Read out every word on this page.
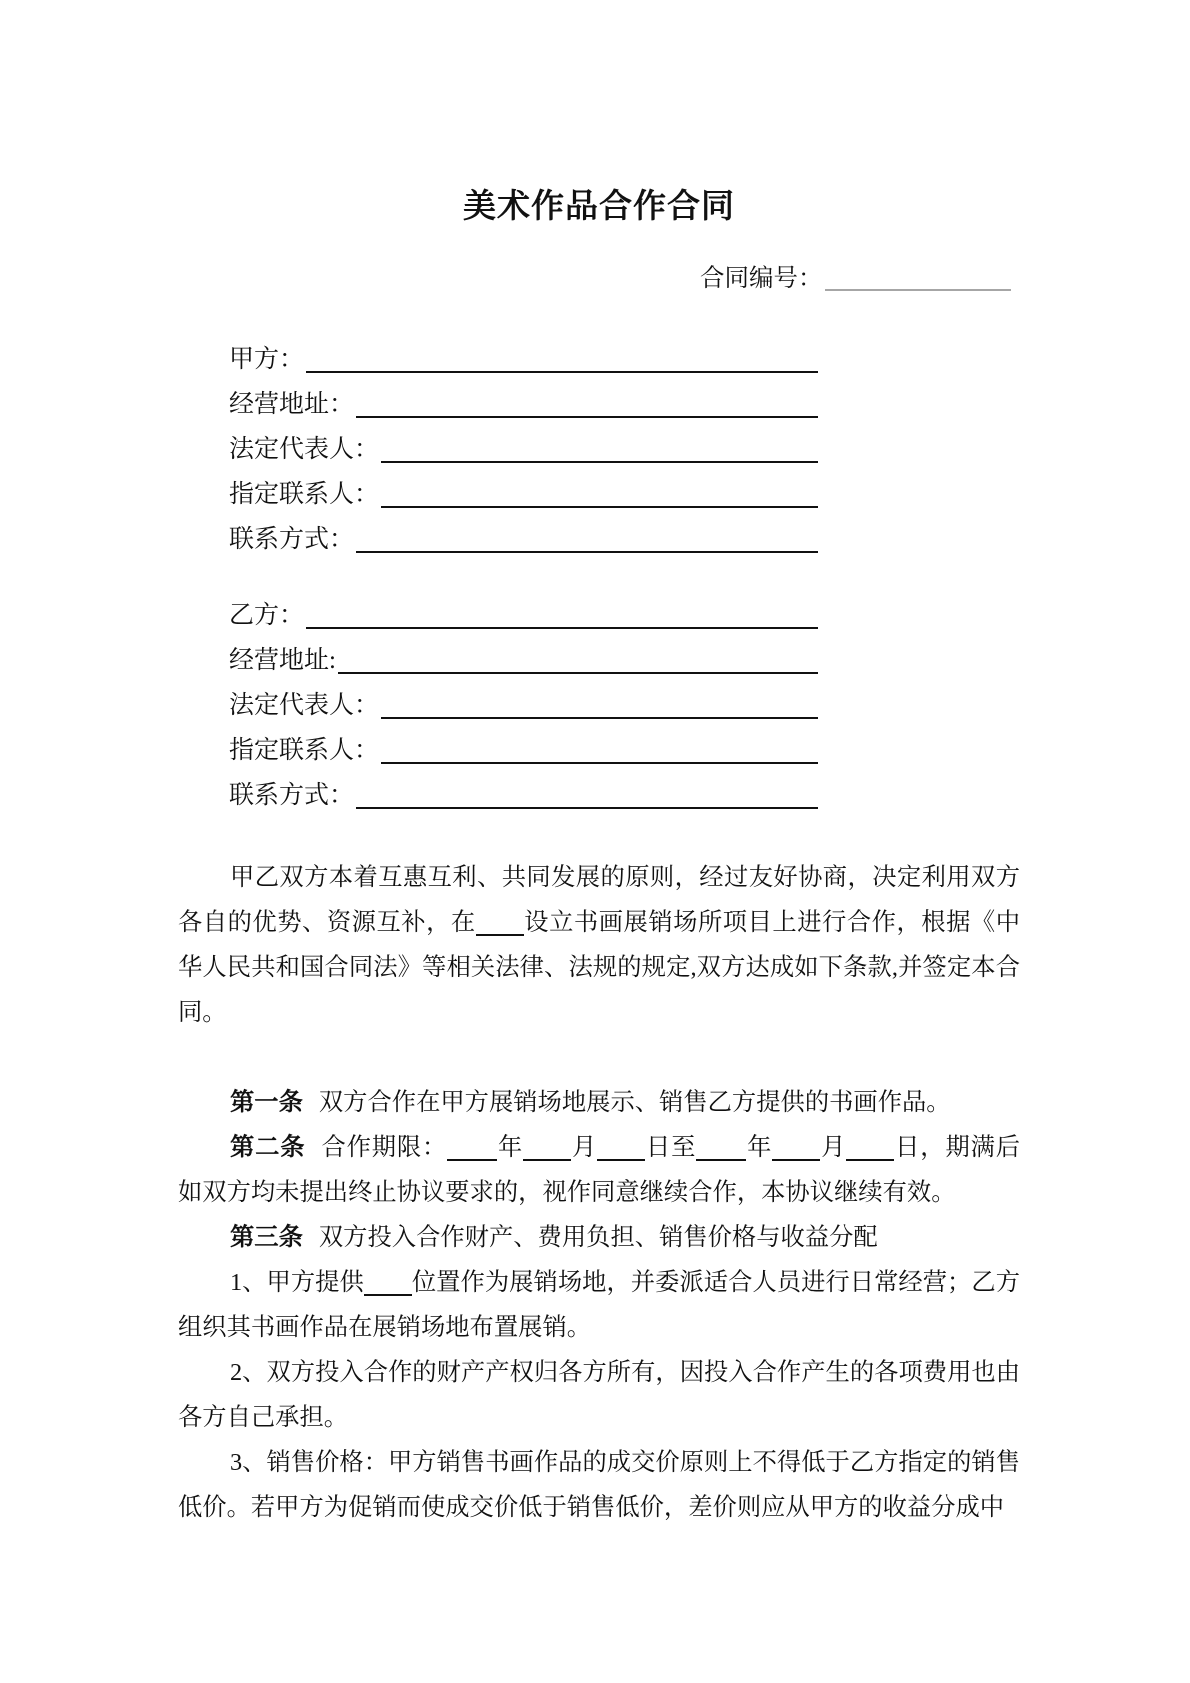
美术作品合作合同
合同编号：
甲方：
经营地址：
法定代表人：
指定联系人：
联系方式：
乙方：
经营地址:
法定代表人：
指定联系人：
联系方式：

甲乙双方本着互惠互利、共同发展的原则，经过友好协商，决定利用双方各自的优势、资源互补，在 设立书画展销场所项目上进行合作，根据《中华人民共和国合同法》等相关法律、法规的规定,双方达成如下条款,并签定本合同。

第一条 双方合作在甲方展销场地展示、销售乙方提供的书画作品。

第二条 合作期限： 年 月 日至 年 月 日，期满后如双方均未提出终止协议要求的，视作同意继续合作，本协议继续有效。

第三条 双方投入合作财产、费用负担、销售价格与收益分配

1、甲方提供 位置作为展销场地，并委派适合人员进行日常经营；乙方组织其书画作品在展销场地布置展销。

2、双方投入合作的财产产权归各方所有，因投入合作产生的各项费用也由各方自己承担。

3、销售价格：甲方销售书画作品的成交价原则上不得低于乙方指定的销售低价。若甲方为促销而使成交价低于销售低价，差价则应从甲方的收益分成中
